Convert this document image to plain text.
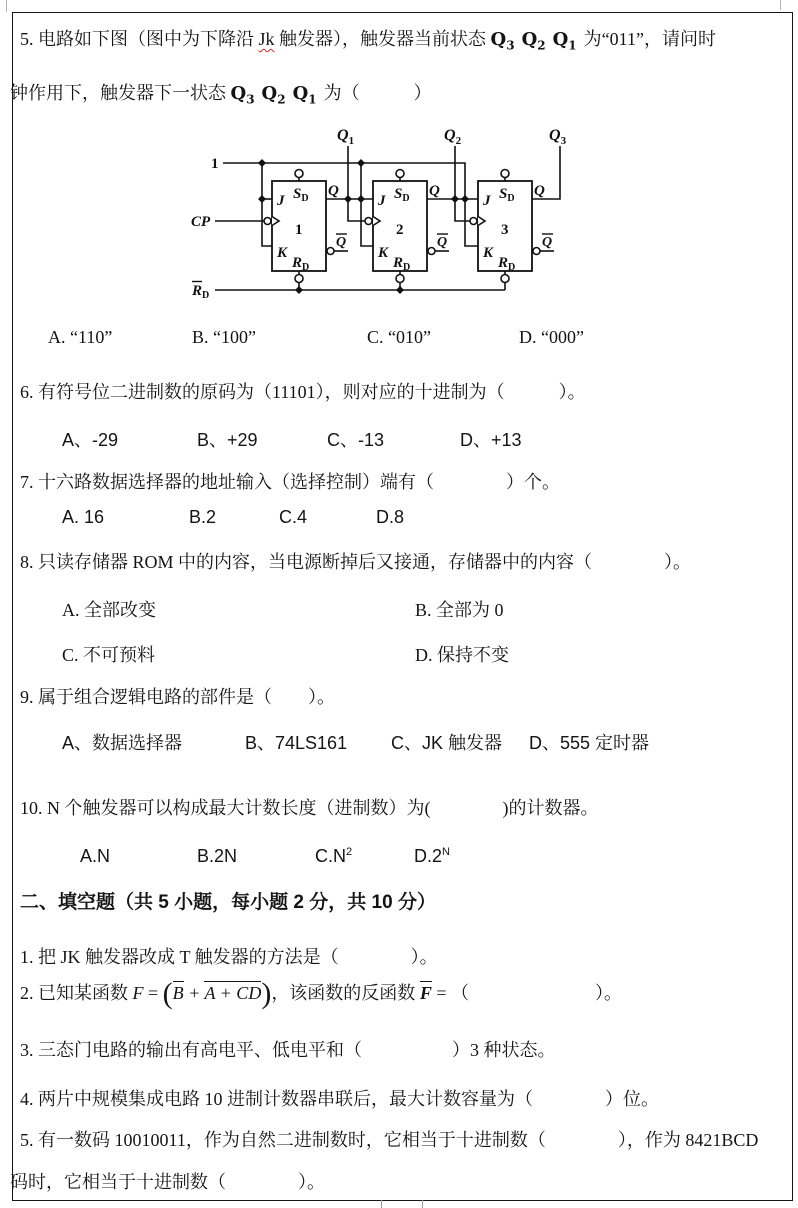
5. 电路如下图（图中为下降沿 Jk 触发器），触发器当前状态 $Q_3$ $Q_2$ $Q_1$ 为“011”，请问时
钟作用下，触发器下一状态 $Q_3$ $Q_2$ $Q_1$ 为（　　　）
1
CP
$R_D$
J $S_D$
1
K
$R_D$
Q
Q
J $S_D$
2
K
$R_D$
Q
Q
J $S_D$
3
K
$R_D$
Q
Q
$Q_1$	$Q_2$	$Q_3$
A. “110”	B. “100”	C. “010”	D. “000”
6. 有符号位二进制数的原码为（11101），则对应的十进制为（　　　）。
A、-29	B、+29	C、-13	D、+13
7. 十六路数据选择器的地址输入（选择控制）端有（　　　　）个。
A. 16	B.2	C.4	D.8
8. 只读存储器 ROM 中的内容，当电源断掉后又接通，存储器中的内容（　　　　）。
A. 全部改变	B. 全部为 0
C. 不可预料	D. 保持不变
9. 属于组合逻辑电路的部件是（　　）。
A、数据选择器	B、74LS161 C、JK 触发器 D、555 定时器
10. N 个触发器可以构成最大计数长度（进制数）为(　　　　)的计数器。
A.N	B.2N	$C.N^2$	$D.2^N$
二、填空题（共 5 小题，每小题 2 分，共 10 分）
1. 把 JK 触发器改成 T 触发器的方法是（　　　　）。
2. 已知某函数 F = (B + A + CD)，该函数的反函数 F = （　　　　　　　）。
3. 三态门电路的输出有高电平、低电平和（　　　　　）3 种状态。
4. 两片中规模集成电路 10 进制计数器串联后，最大计数容量为（　　　　）位。
5. 有一数码 10010011，作为自然二进制数时，它相当于十进制数（　　　　），作为 8421BCD
码时，它相当于十进制数（　　　　）。
